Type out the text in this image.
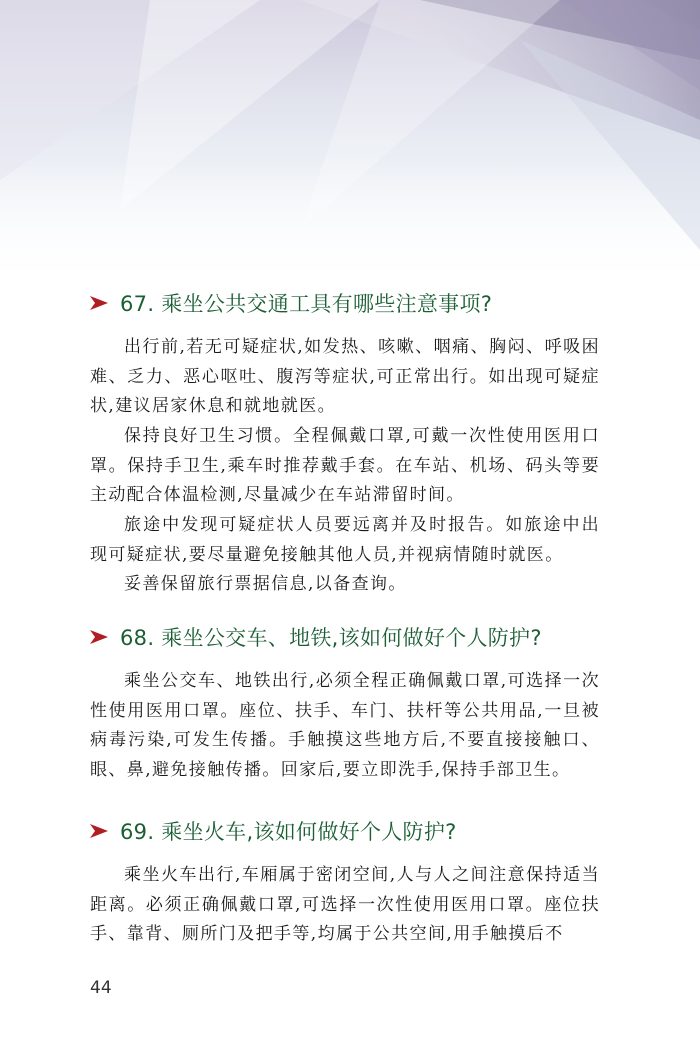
67. 乘坐公共交通工具有哪些注意事项?

出行前,若无可疑症状,如发热、咳嗽、咽痛、胸闷、呼吸困难、乏力、恶心呕吐、腹泻等症状,可正常出行。如出现可疑症状,建议居家休息和就地就医。

保持良好卫生习惯。全程佩戴口罩,可戴一次性使用医用口罩。保持手卫生,乘车时推荐戴手套。在车站、机场、码头等要主动配合体温检测,尽量减少在车站滞留时间。

旅途中发现可疑症状人员要远离并及时报告。如旅途中出现可疑症状,要尽量避免接触其他人员,并视病情随时就医。

妥善保留旅行票据信息,以备查询。

68. 乘坐公交车、地铁,该如何做好个人防护?

乘坐公交车、地铁出行,必须全程正确佩戴口罩,可选择一次性使用医用口罩。座位、扶手、车门、扶杆等公共用品,一旦被病毒污染,可发生传播。手触摸这些地方后,不要直接接触口、眼、鼻,避免接触传播。回家后,要立即洗手,保持手部卫生。

69. 乘坐火车,该如何做好个人防护?

乘坐火车出行,车厢属于密闭空间,人与人之间注意保持适当距离。必须正确佩戴口罩,可选择一次性使用医用口罩。座位扶手、靠背、厕所门及把手等,均属于公共空间,用手触摸后不

44
